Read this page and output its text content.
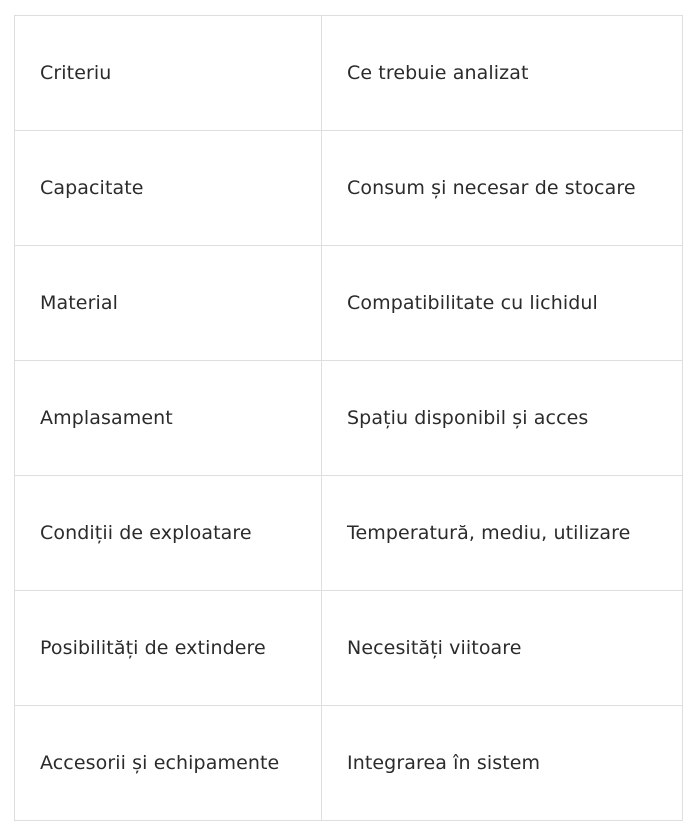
Criteriu	Ce trebuie analizat
Capacitate	Consum și necesar de stocare
Material	Compatibilitate cu lichidul
Amplasament	Spațiu disponibil și acces
Condiții de exploatare	Temperatură, mediu, utilizare
Posibilități de extindere	Necesități viitoare
Accesorii și echipamente	Integrarea în sistem
